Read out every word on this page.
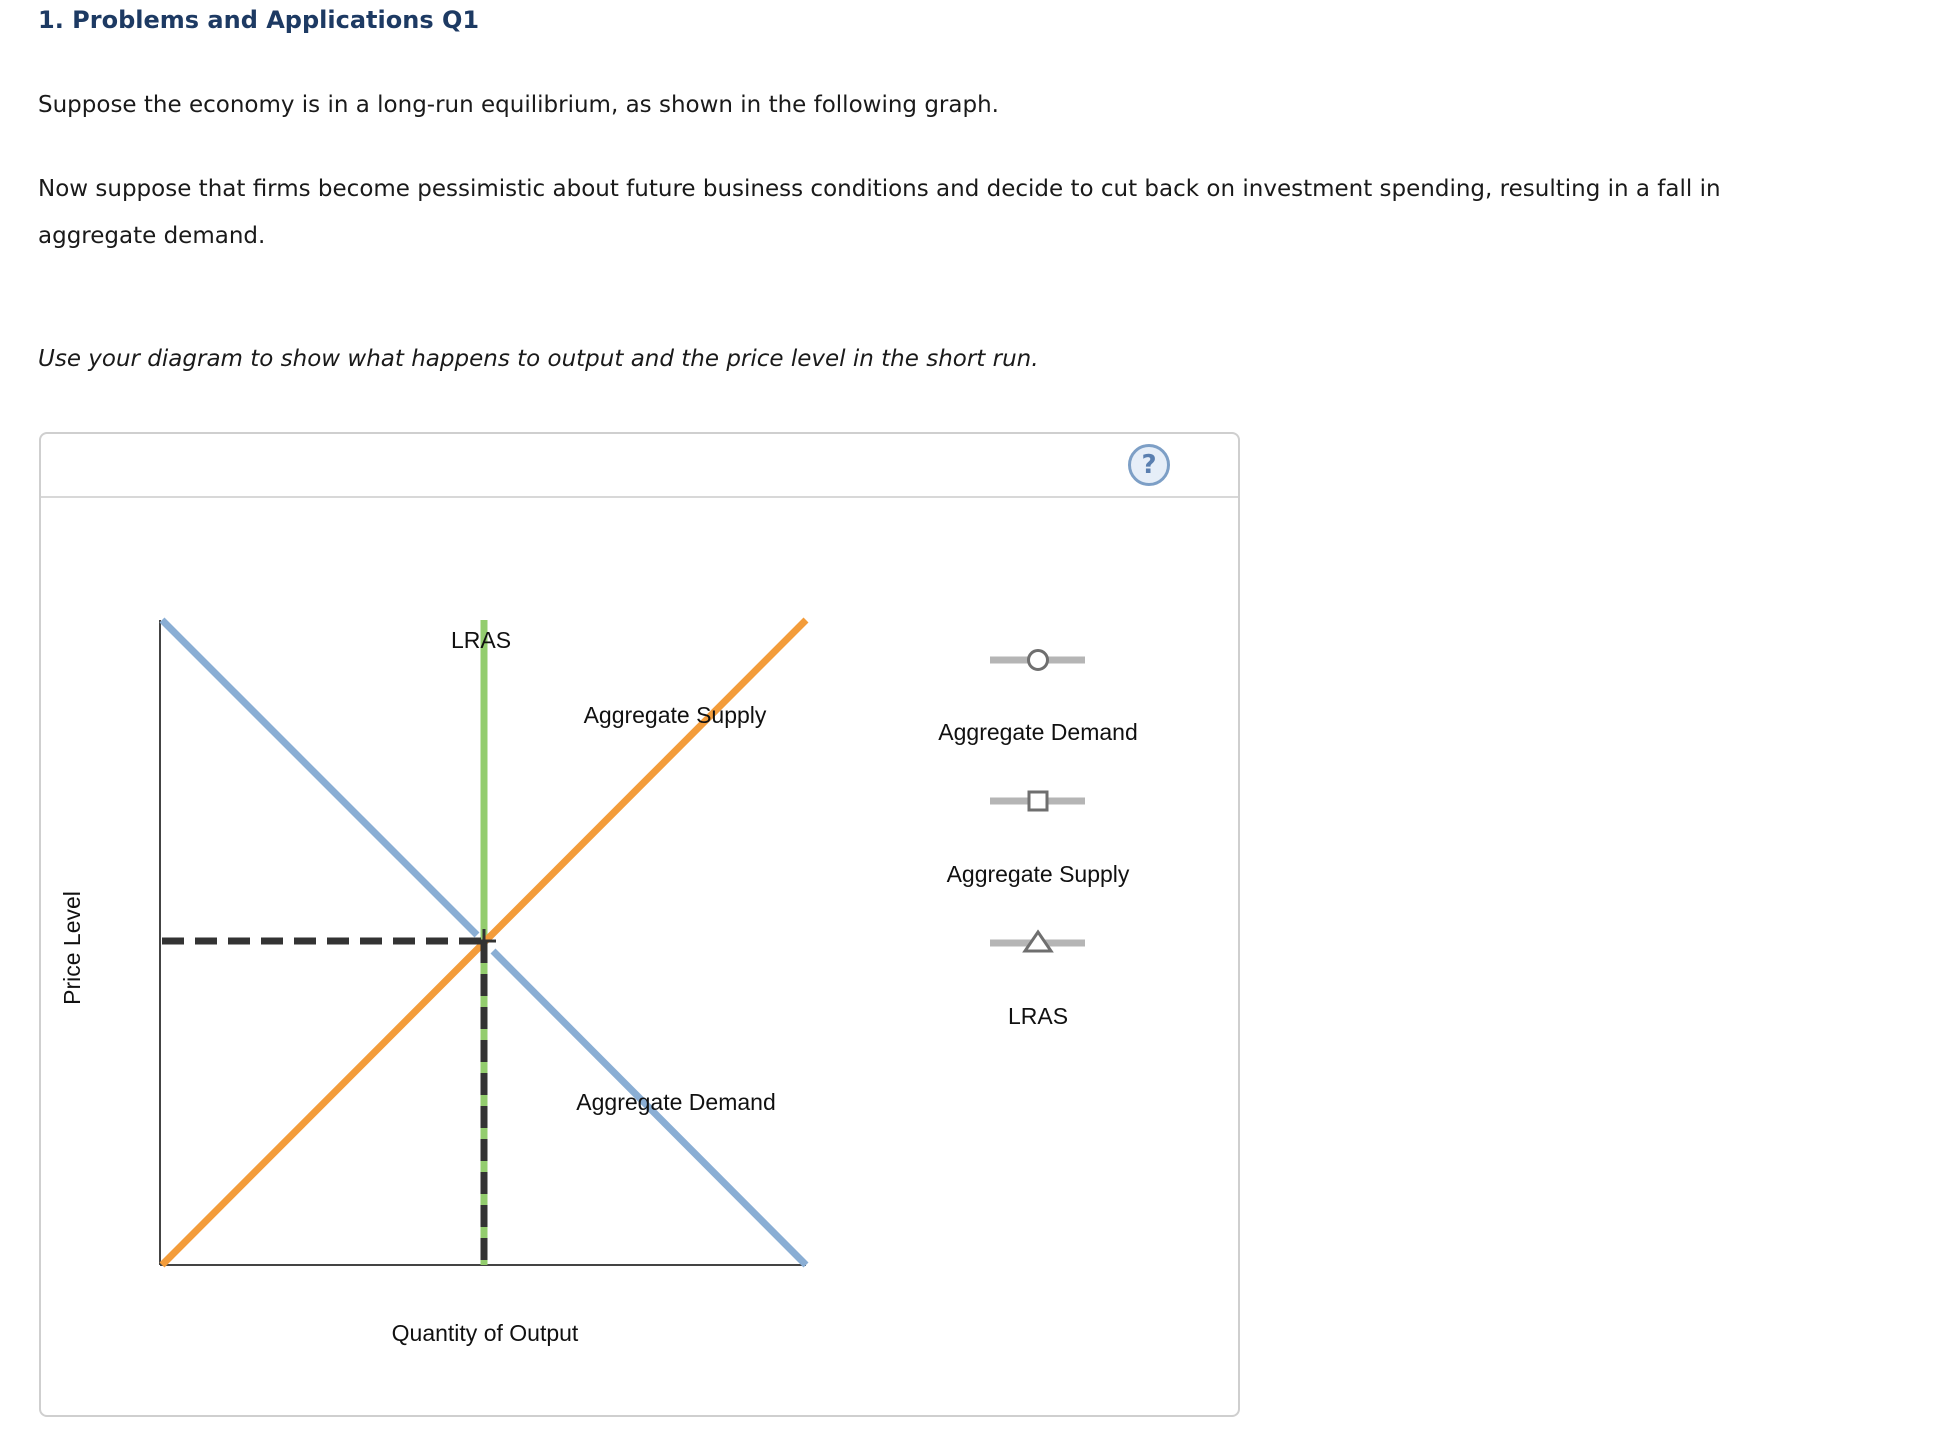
1. Problems and Applications Q1
Suppose the economy is in a long-run equilibrium, as shown in the following graph.
Now suppose that firms become pessimistic about future business conditions and decide to cut back on investment spending, resulting in a fall in aggregate demand.
Use your diagram to show what happens to output and the price level in the short run.
?
LRAS
Aggregate Supply
Aggregate Demand
Quantity of Output
Price Level
Aggregate Demand
Aggregate Supply
LRAS
